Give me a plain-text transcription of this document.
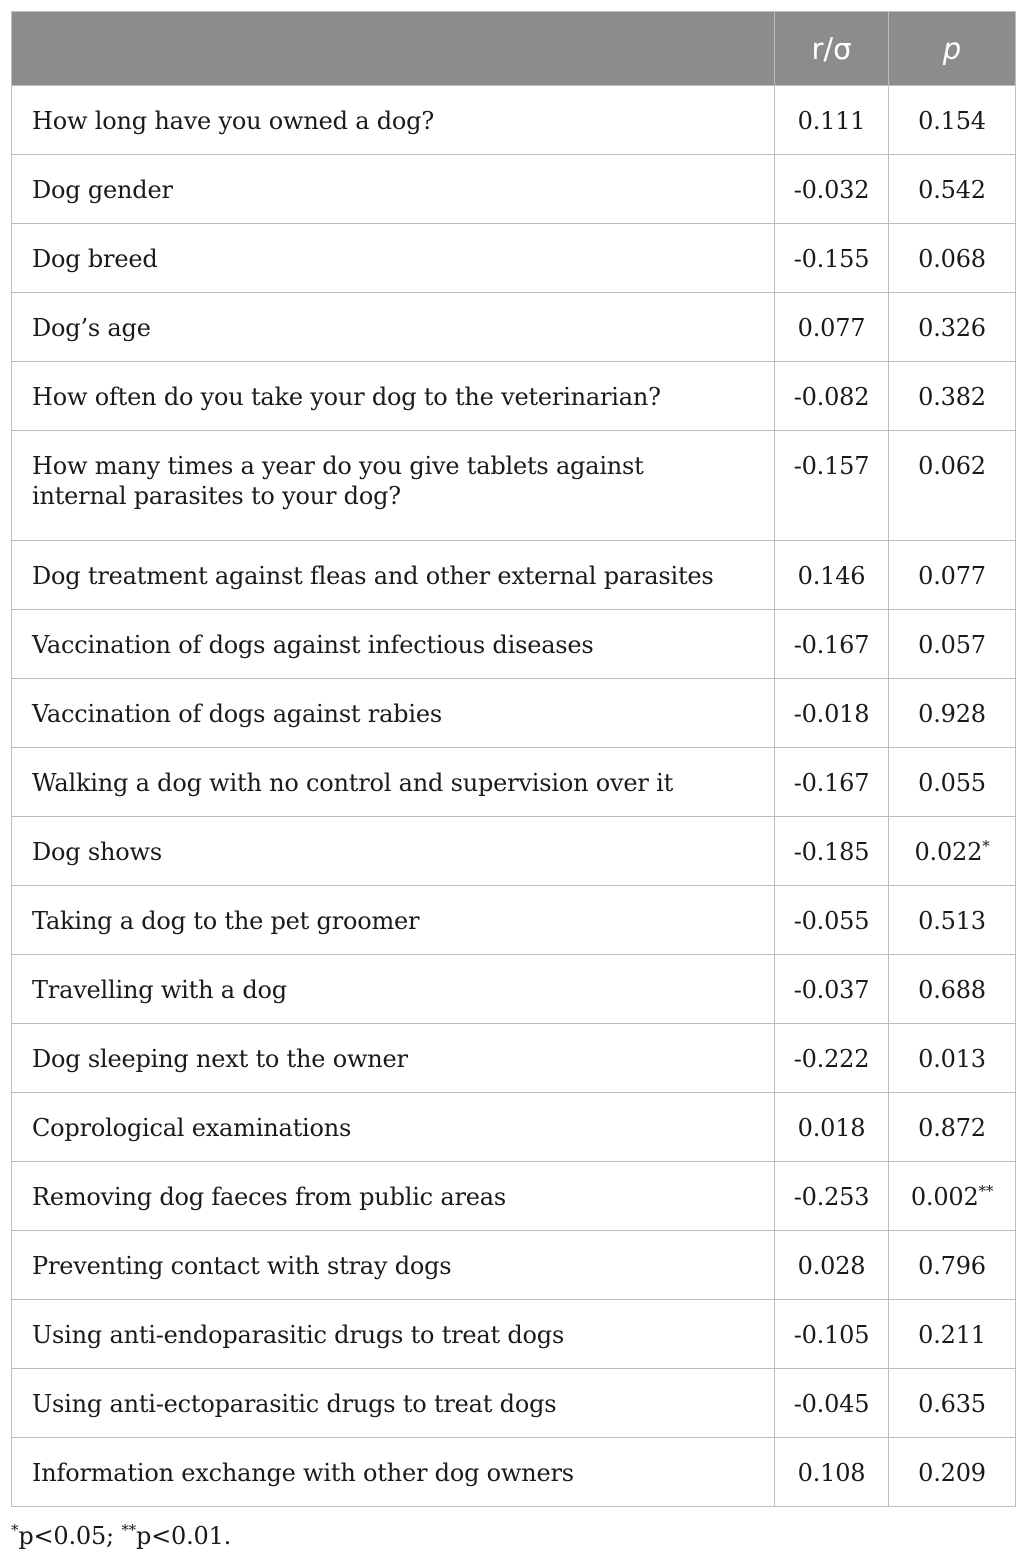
	r/σ	p
How long have you owned a dog?	0.111	0.154
Dog gender	-0.032	0.542
Dog breed	-0.155	0.068
Dog’s age	0.077	0.326
How often do you take your dog to the veterinarian?	-0.082	0.382
How many times a year do you give tablets against internal parasites to your dog?	-0.157	0.062
Dog treatment against fleas and other external parasites	0.146	0.077
Vaccination of dogs against infectious diseases	-0.167	0.057
Vaccination of dogs against rabies	-0.018	0.928
Walking a dog with no control and supervision over it	-0.167	0.055
Dog shows	-0.185	0.022*
Taking a dog to the pet groomer	-0.055	0.513
Travelling with a dog	-0.037	0.688
Dog sleeping next to the owner	-0.222	0.013
Coprological examinations	0.018	0.872
Removing dog faeces from public areas	-0.253	0.002**
Preventing contact with stray dogs	0.028	0.796
Using anti-endoparasitic drugs to treat dogs	-0.105	0.211
Using anti-ectoparasitic drugs to treat dogs	-0.045	0.635
Information exchange with other dog owners	0.108	0.209
*p<0.05; **p<0.01.
